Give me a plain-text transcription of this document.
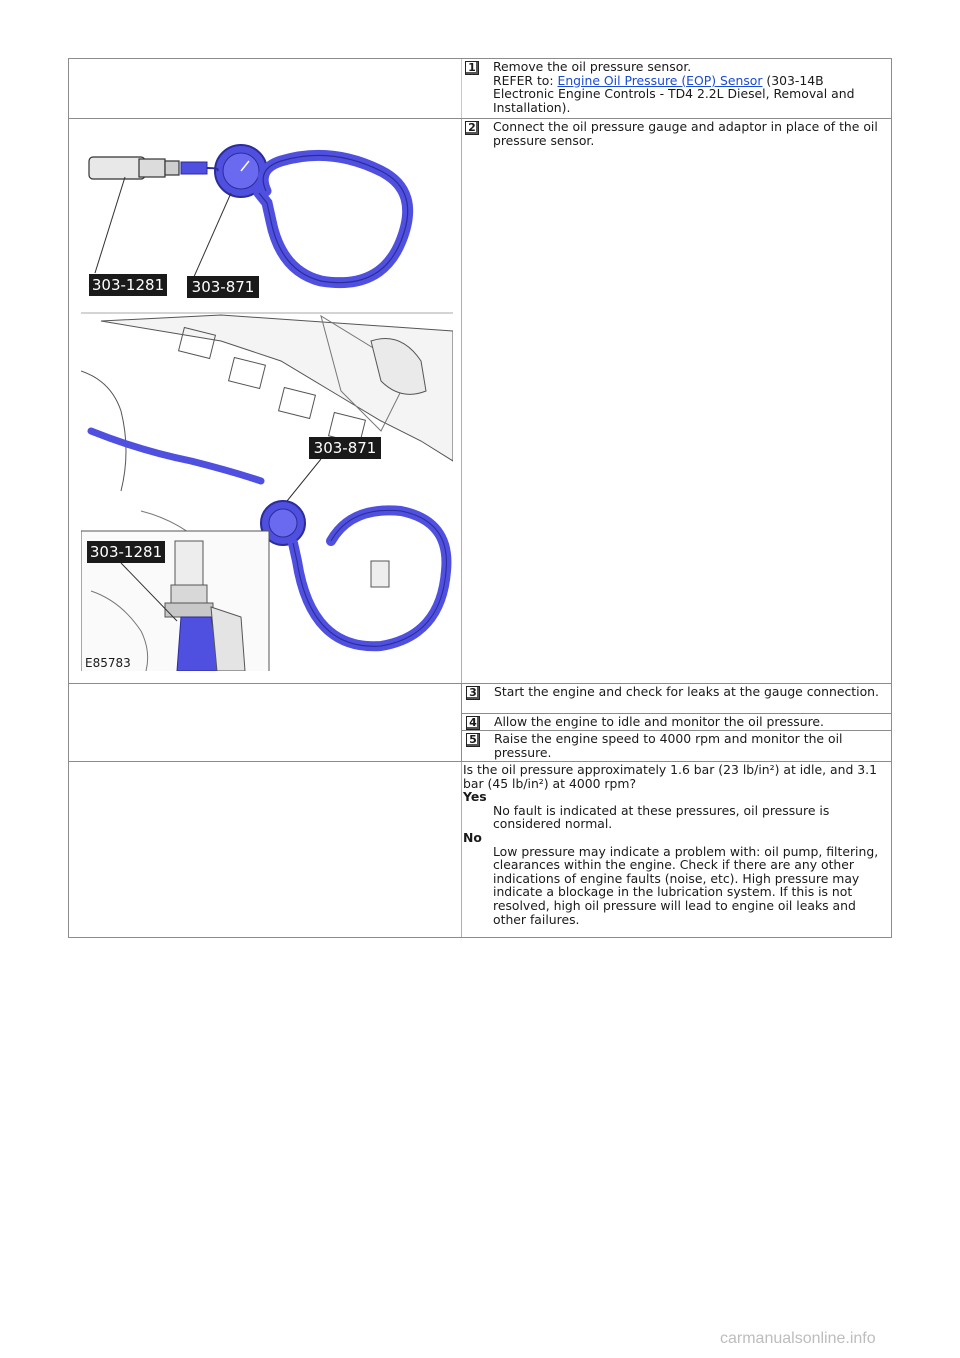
1 Remove the oil pressure sensor.
REFER to: Engine Oil Pressure (EOP) Sensor (303-14B Electronic Engine Controls - TD4 2.2L Diesel, Removal and Installation).
303-1281 303-871
303-871
303-1281
E85783
2 Connect the oil pressure gauge and adaptor in place of the oil pressure sensor.
3 Start the engine and check for leaks at the gauge connection.
4 Allow the engine to idle and monitor the oil pressure.
5 Raise the engine speed to 4000 rpm and monitor the oil pressure.
Is the oil pressure approximately 1.6 bar (23 lb/in²) at idle, and 3.1 bar (45 lb/in²) at 4000 rpm?
Yes
No fault is indicated at these pressures, oil pressure is considered normal.
No
Low pressure may indicate a problem with: oil pump, filtering, clearances within the engine. Check if there are any other indications of engine faults (noise, etc). High pressure may indicate a blockage in the lubrication system. If this is not resolved, high oil pressure will lead to engine oil leaks and other failures.
carmanualsonline.info
